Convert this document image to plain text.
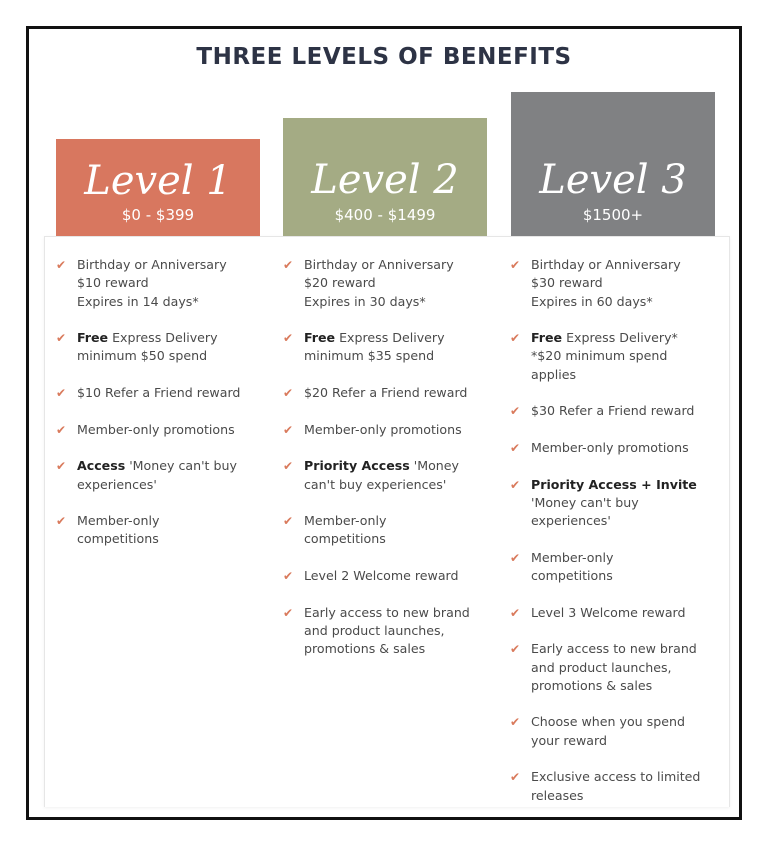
THREE LEVELS OF BENEFITS
Level 1
$0 - $399
Level 2
$400 - $1499
Level 3
$1500+
✔ Birthday or Anniversary
$10 reward
Expires in 14 days*
✔ Free Express Delivery
minimum $50 spend
✔ $10 Refer a Friend reward
✔ Member-only promotions
✔ Access 'Money can't buy
experiences'
✔ Member-only
competitions
✔ Birthday or Anniversary
$20 reward
Expires in 30 days*
✔ Free Express Delivery
minimum $35 spend
✔ $20 Refer a Friend reward
✔ Member-only promotions
✔ Priority Access 'Money
can't buy experiences'
✔ Member-only
competitions
✔ Level 2 Welcome reward
✔ Early access to new brand
and product launches,
promotions & sales
✔ Birthday or Anniversary
$30 reward
Expires in 60 days*
✔ Free Express Delivery*
*$20 minimum spend
applies
✔ $30 Refer a Friend reward
✔ Member-only promotions
✔ Priority Access + Invite
'Money can't buy
experiences'
✔ Member-only
competitions
✔ Level 3 Welcome reward
✔ Early access to new brand
and product launches,
promotions & sales
✔ Choose when you spend
your reward
✔ Exclusive access to limited
releases
